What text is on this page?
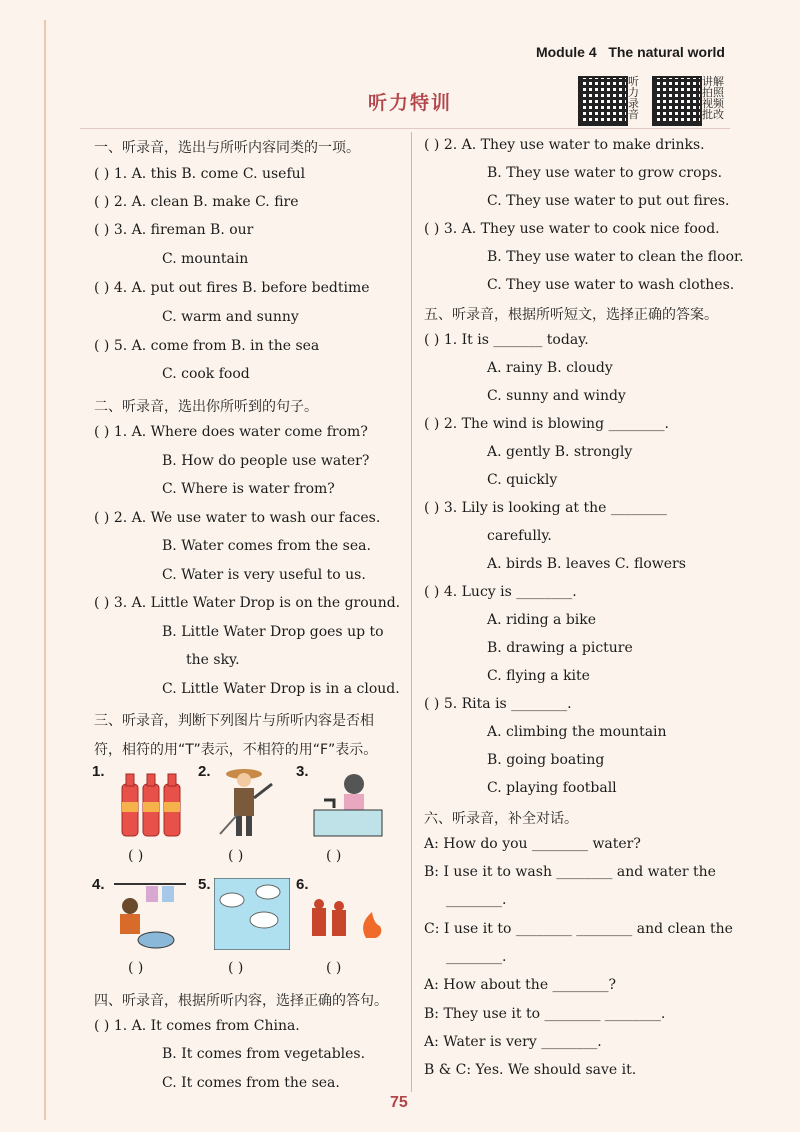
Module 4 The natural world
听力特训
听力录音
讲解拍照视频批改
一、听录音，选出与所听内容同类的一项。
( ) 1. A. this B. come C. useful
( ) 2. A. clean B. make C. fire
( ) 3. A. fireman B. our
C. mountain
( ) 4. A. put out fires B. before bedtime
C. warm and sunny
( ) 5. A. come from B. in the sea
C. cook food
二、听录音，选出你所听到的句子。
( ) 1. A. Where does water come from?
B. How do people use water?
C. Where is water from?
( ) 2. A. We use water to wash our faces.
B. Water comes from the sea.
C. Water is very useful to us.
( ) 3. A. Little Water Drop is on the ground.
B. Little Water Drop goes up to
the sky.
C. Little Water Drop is in a cloud.
三、听录音，判断下列图片与所听内容是否相
符，相符的用“T”表示，不相符的用“F”表示。
四、听录音，根据所听内容，选择正确的答句。
( ) 1. A. It comes from China.
B. It comes from vegetables.
C. It comes from the sea.
( ) 2. A. They use water to make drinks.
B. They use water to grow crops.
C. They use water to put out fires.
( ) 3. A. They use water to cook nice food.
B. They use water to clean the floor.
C. They use water to wash clothes.
五、听录音，根据所听短文，选择正确的答案。
( ) 1. It is _______ today.
A. rainy B. cloudy
C. sunny and windy
( ) 2. The wind is blowing ________.
A. gently B. strongly
C. quickly
( ) 3. Lily is looking at the ________
carefully.
A. birds B. leaves C. flowers
( ) 4. Lucy is ________.
A. riding a bike
B. drawing a picture
C. flying a kite
( ) 5. Rita is ________.
A. climbing the mountain
B. going boating
C. playing football
六、听录音，补全对话。
A: How do you ________ water?
B: I use it to wash ________ and water the
________.
C: I use it to ________ ________ and clean the
________.
A: How about the ________?
B: They use it to ________ ________.
A: Water is very ________.
B & C: Yes. We should save it.
1.	2.	3.
4.	5.	6.
( )	( )	( )
( )	( )	( )
75
